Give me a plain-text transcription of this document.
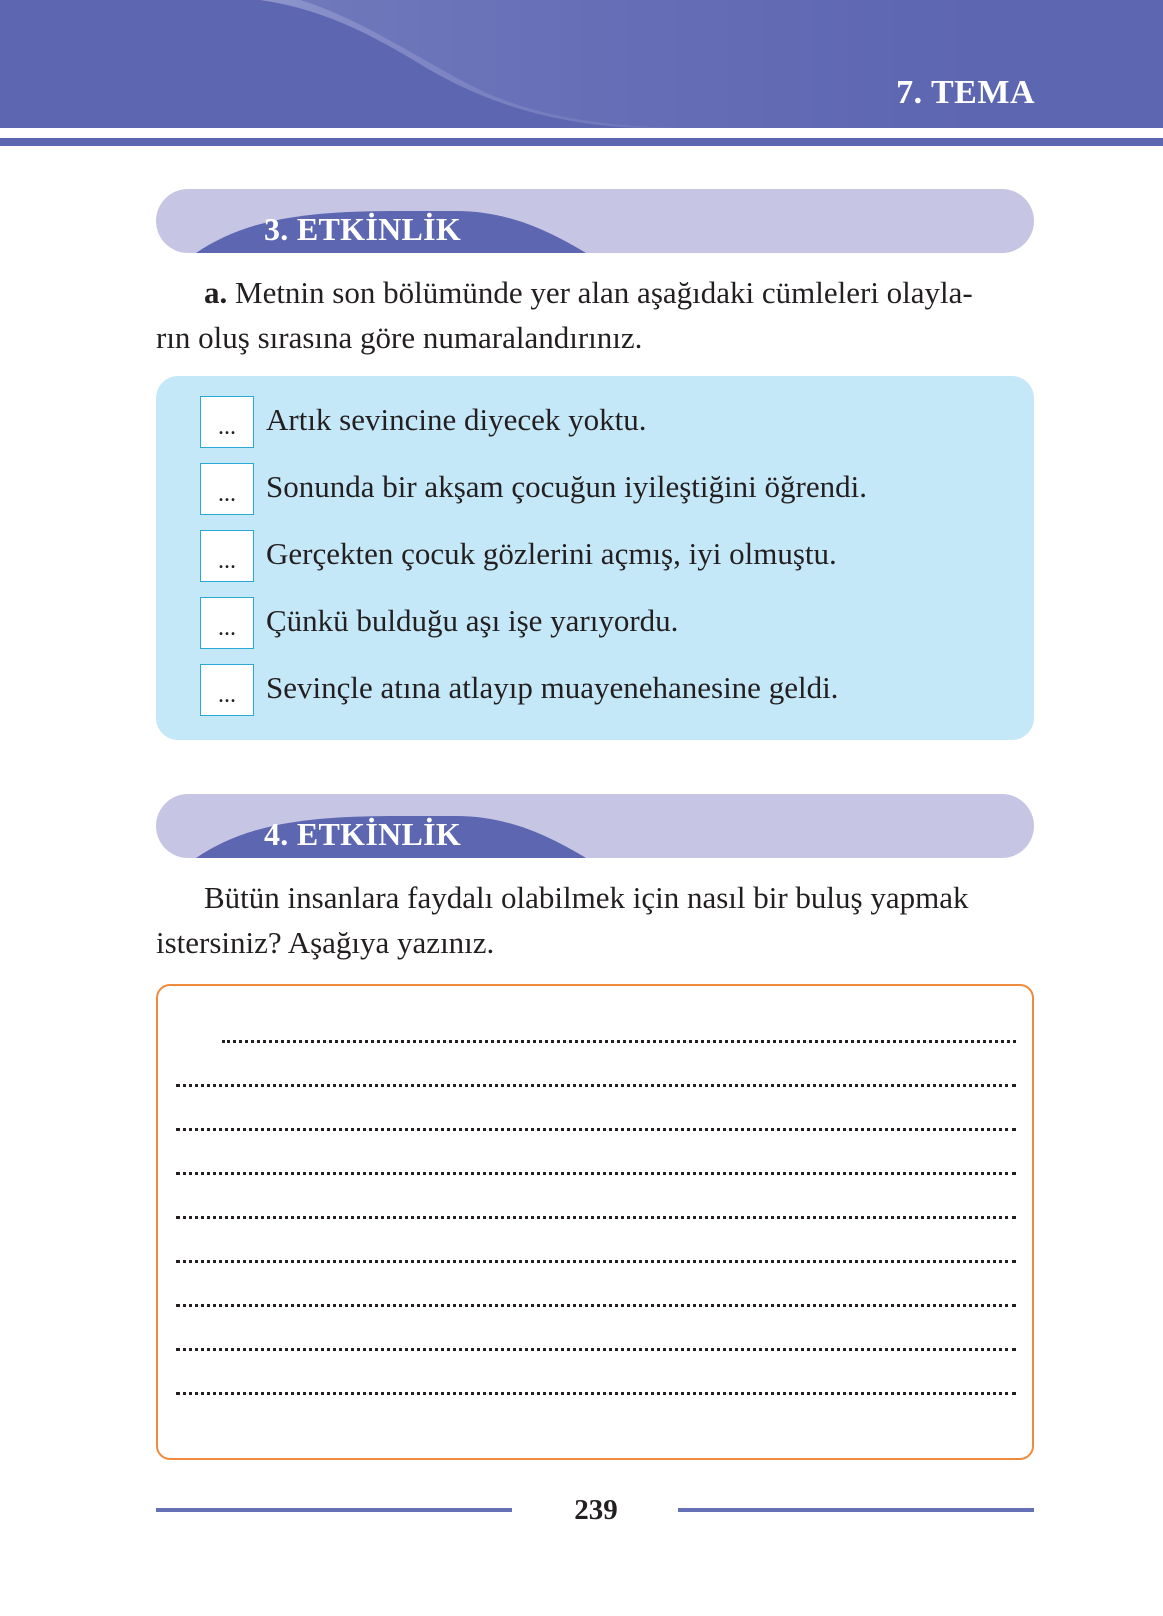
7. TEMA
3. ETKİNLİK
a. Metnin son bölümünde yer alan aşağıdaki cümleleri olayla-
rın oluş sırasına göre numaralandırınız.
... Artık sevincine diyecek yoktu.
... Sonunda bir akşam çocuğun iyileştiğini öğrendi.
... Gerçekten çocuk gözlerini açmış, iyi olmuştu.
... Çünkü bulduğu aşı işe yarıyordu.
... Sevinçle atına atlayıp muayenehanesine geldi.
4. ETKİNLİK
Bütün insanlara faydalı olabilmek için nasıl bir buluş yapmak
istersiniz? Aşağıya yazınız.
239
